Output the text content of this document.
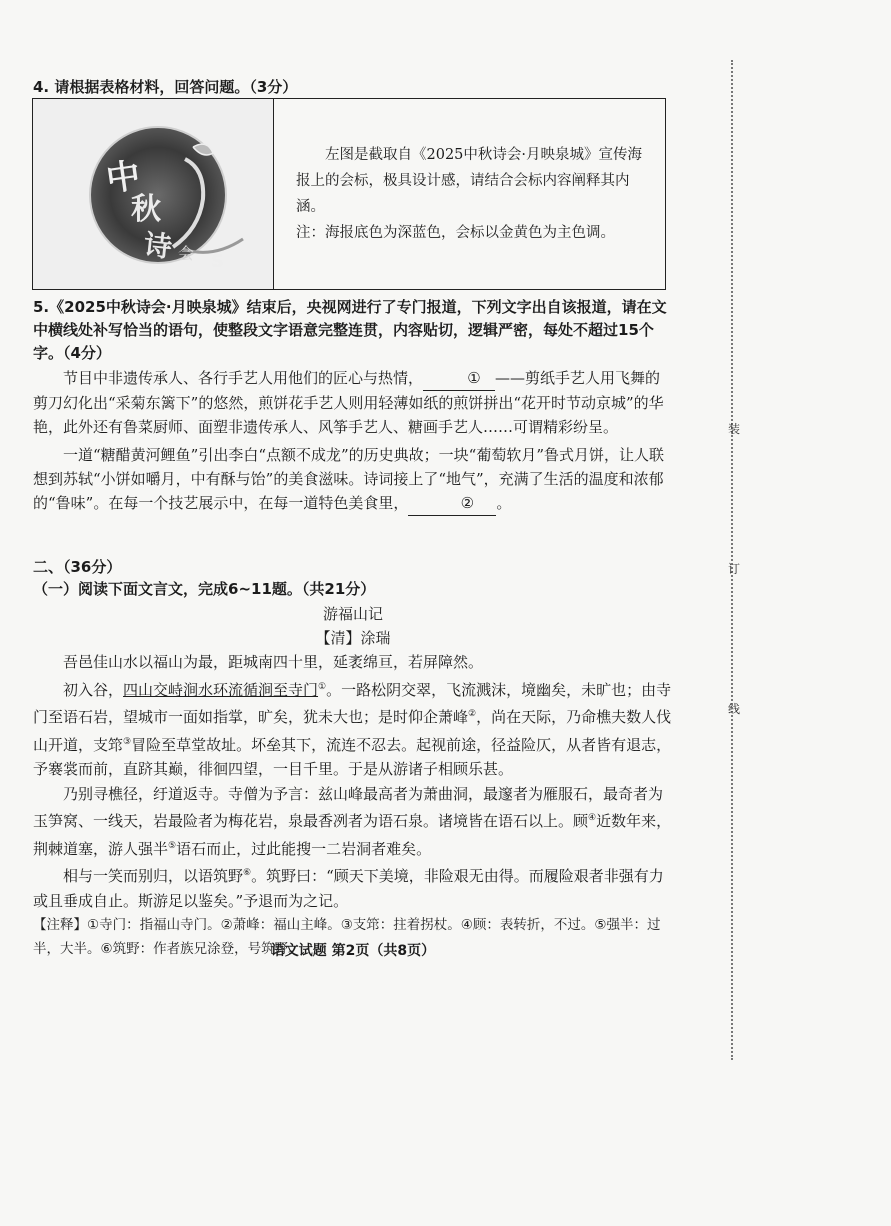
装
订
线
4. 请根据表格材料，回答问题。（3分）
中
秋
诗 会 S

左图是截取自《2025中秋诗会·月映泉城》宣传海报上的会标，极具设计感，请结合会标内容阐释其内涵。
注：海报底色为深蓝色，会标以金黄色为主色调。
5.《2025中秋诗会·月映泉城》结束后，央视网进行了专门报道，下列文字出自该报道，请在文中横线处补写恰当的语句，使整段文字语意完整连贯，内容贴切，逻辑严密，每处不超过15个字。（4分）
节目中非遗传承人、各行手艺人用他们的匠心与热情，	① ——剪纸手艺人用飞舞的剪刀幻化出“采菊东篱下”的悠然，煎饼花手艺人则用轻薄如纸的煎饼拼出“花开时节动京城”的华艳，此外还有鲁菜厨师、面塑非遗传承人、风筝手艺人、糖画手艺人……可谓精彩纷呈。
一道“糖醋黄河鲤鱼”引出李白“点额不成龙”的历史典故；一块“葡萄软月”鲁式月饼，让人联想到苏轼“小饼如嚼月，中有酥与饴”的美食滋味。诗词接上了“地气”，充满了生活的温度和浓郁的“鲁味”。在每一个技艺展示中，在每一道特色美食里，	② 。
二、（36分）
（一）阅读下面文言文，完成6~11题。（共21分）
游福山记
【清】涂瑞
吾邑佳山水以福山为最，距城南四十里，延袤绵亘，若屏障然。
初入谷，四山交峙涧水环流循涧至寺门①。一路松阴交翠，飞流溅沫，境幽矣，未旷也；由寺门至语石岩，望城市一面如指掌，旷矣，犹未大也；是时仰企萧峰②，尚在天际，乃命樵夫数人伐山开道，支筇③冒险至草堂故址。坏垒其下，流连不忍去。起视前途，径益险仄，从者皆有退志，予褰裳而前，直跻其巅，徘徊四望，一目千里。于是从游诸子相顾乐甚。
乃别寻樵径，纡道返寺。寺僧为予言：兹山峰最高者为萧曲洞，最邃者为雁服石，最奇者为玉笋窝、一线天，岩最险者为梅花岩，泉最香冽者为语石泉。诸境皆在语石以上。顾④近数年来，荆棘道塞，游人强半⑤语石而止，过此能搜一二岩洞者难矣。
相与一笑而别归，以语筑野⑥。筑野曰：“顾天下美境，非险艰无由得。而履险艰者非强有力或且垂成自止。斯游足以鉴矣。”予退而为之记。
【注释】①寺门：指福山寺门。②萧峰：福山主峰。③支筇：拄着拐杖。④顾：表转折，不过。⑤强半：过半，大半。⑥筑野：作者族兄涂登，号筑野。
语文试题 第2页（共8页）
